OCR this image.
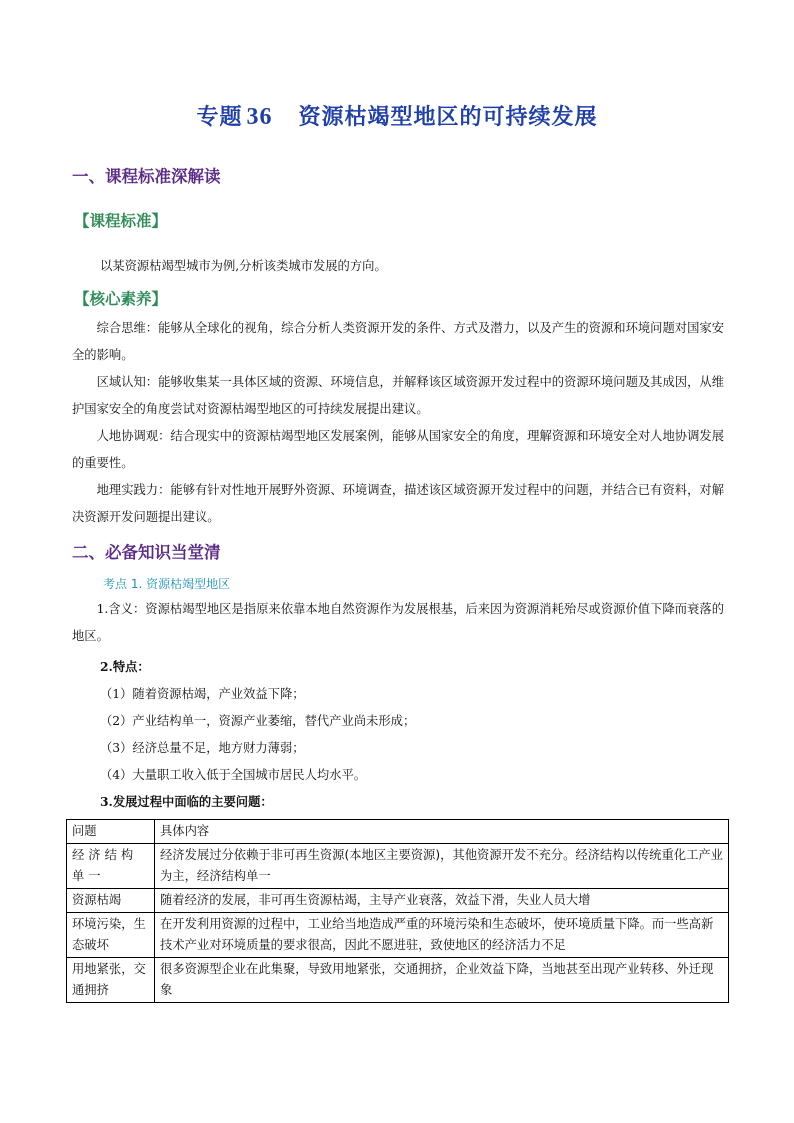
专题 36 资源枯竭型地区的可持续发展
一、课程标准深解读
【课程标准】
以某资源枯竭型城市为例,分析该类城市发展的方向。
【核心素养】

综合思维：能够从全球化的视角，综合分析人类资源开发的条件、方式及潜力，以及产生的资源和环境问题对国家安全的影响。

区域认知：能够收集某一具体区域的资源、环境信息，并解释该区域资源开发过程中的资源环境问题及其成因，从维护国家安全的角度尝试对资源枯竭型地区的可持续发展提出建议。

人地协调观：结合现实中的资源枯竭型地区发展案例，能够从国家安全的角度，理解资源和环境安全对人地协调发展的重要性。

地理实践力：能够有针对性地开展野外资源、环境调查，描述该区域资源开发过程中的问题，并结合已有资料，对解决资源开发问题提出建议。

二、必备知识当堂清
考点 1. 资源枯竭型地区

1.含义：资源枯竭型地区是指原来依靠本地自然资源作为发展根基，后来因为资源消耗殆尽或资源价值下降而衰落的地区。

2.特点：
（1）随着资源枯竭，产业效益下降；
（2）产业结构单一，资源产业萎缩，替代产业尚未形成；
（3）经济总量不足，地方财力薄弱；
（4）大量职工收入低于全国城市居民人均水平。
3.发展过程中面临的主要问题：
问题	具体内容
经济结构单一	经济发展过分依赖于非可再生资源(本地区主要资源)，其他资源开发不充分。经济结构以传统重化工产业为主，经济结构单一
资源枯竭	随着经济的发展，非可再生资源枯竭，主导产业衰落，效益下滑，失业人员大增
环境污染，生态破坏	在开发利用资源的过程中，工业给当地造成严重的环境污染和生态破坏，使环境质量下降。而一些高新技术产业对环境质量的要求很高，因此不愿进驻，致使地区的经济活力不足
用地紧张，交通拥挤	很多资源型企业在此集聚，导致用地紧张，交通拥挤，企业效益下降，当地甚至出现产业转移、外迁现象
